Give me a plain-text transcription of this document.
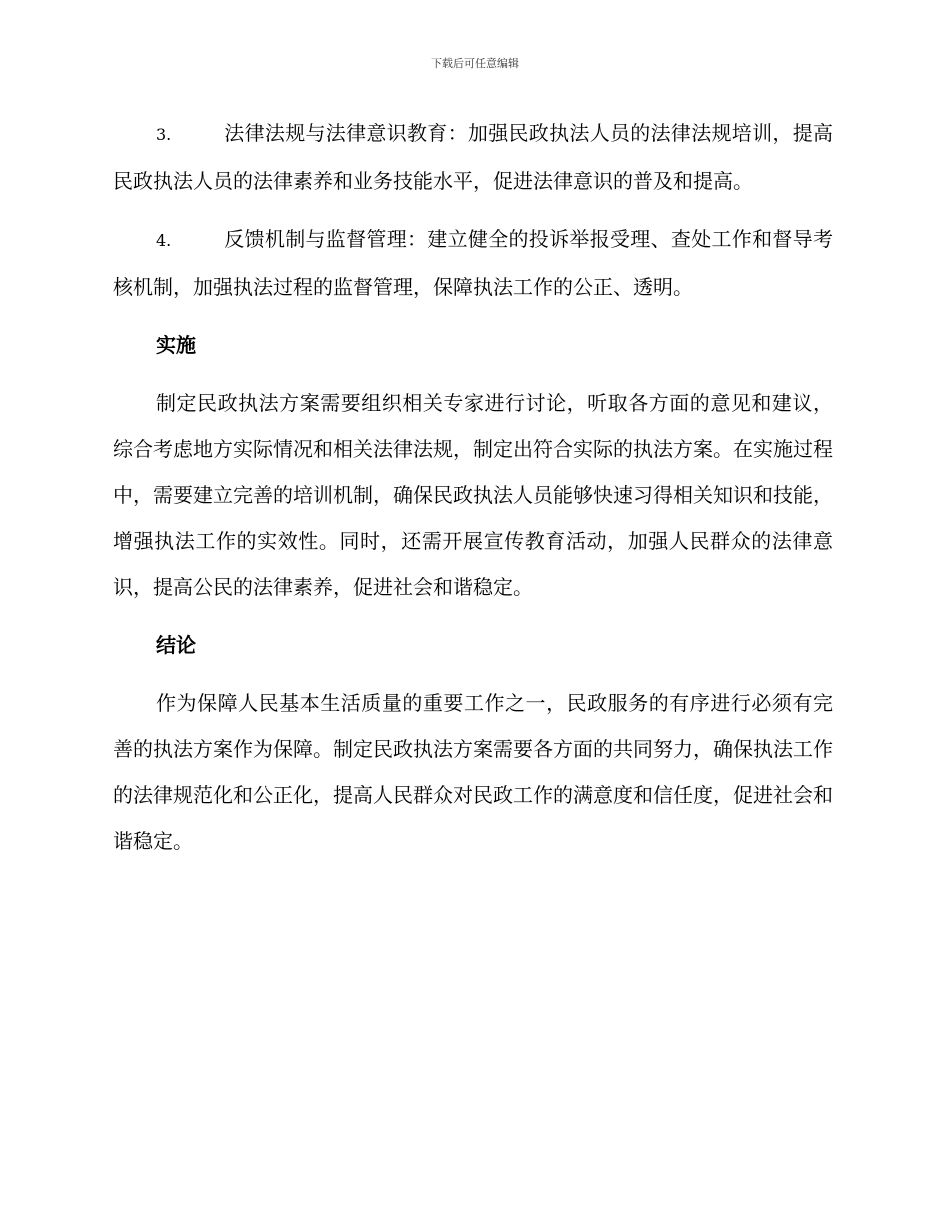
下载后可任意编辑

3.	法律法规与法律意识教育：加强民政执法人员的法律法规培训，提高民政执法人员的法律素养和业务技能水平，促进法律意识的普及和提高。

4.	反馈机制与监督管理：建立健全的投诉举报受理、查处工作和督导考核机制，加强执法过程的监督管理，保障执法工作的公正、透明。

实施

制定民政执法方案需要组织相关专家进行讨论，听取各方面的意见和建议，综合考虑地方实际情况和相关法律法规，制定出符合实际的执法方案。在实施过程中，需要建立完善的培训机制，确保民政执法人员能够快速习得相关知识和技能，增强执法工作的实效性。同时，还需开展宣传教育活动，加强人民群众的法律意识，提高公民的法律素养，促进社会和谐稳定。

结论

作为保障人民基本生活质量的重要工作之一，民政服务的有序进行必须有完善的执法方案作为保障。制定民政执法方案需要各方面的共同努力，确保执法工作的法律规范化和公正化，提高人民群众对民政工作的满意度和信任度，促进社会和谐稳定。
